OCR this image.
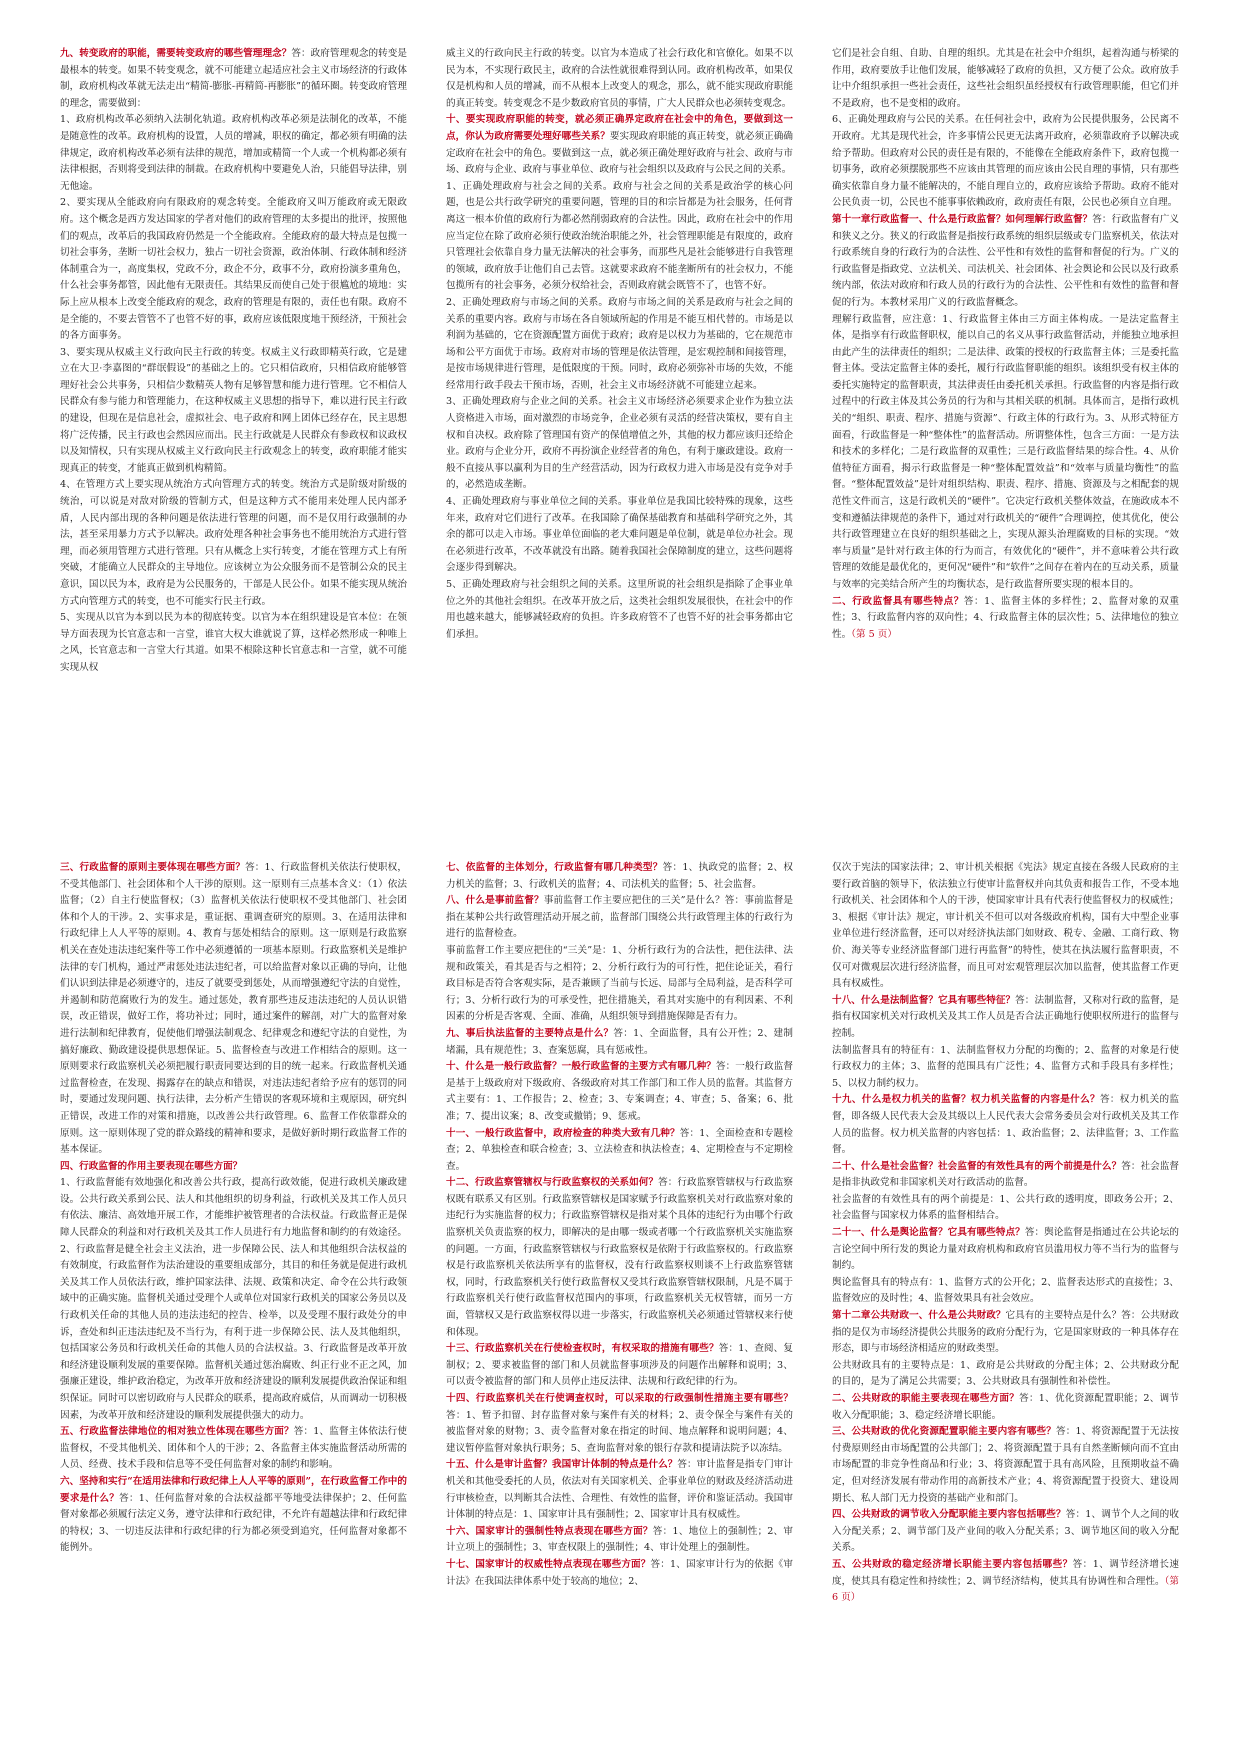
九、转变政府的职能，需要转变政府的哪些管理理念？答：政府管理观念的转变是最根本的转变。如果不转变观念，就不可能建立起适应社会主义市场经济的行政体制，政府机构改革就无法走出“精简-膨胀-再精简-再膨胀”的循环圈。转变政府管理的理念，需要做到：

1、政府机构改革必须纳入法制化轨道。政府机构改革必须是法制化的改革，不能是随意性的改革。政府机构的设置，人员的增减，职权的确定，都必须有明确的法律规定，政府机构改革必须有法律的规范，增加或精简一个人或一个机构都必须有法律根据，否则将受到法律的制裁。在政府机构中要避免人治，只能倡导法律，别无他途。

2、要实现从全能政府向有限政府的观念转变。全能政府又叫万能政府或无限政府。这个概念是西方发达国家的学者对他们的政府管理的太多提出的批评，按照他们的观点，改革后的我国政府仍然是一个全能政府。全能政府的最大特点是包揽一切社会事务，垄断一切社会权力，独占一切社会资源，政治体制、行政体制和经济体制重合为一，高度集权，党政不分，政企不分，政事不分，政府扮演多重角色，什么社会事务都管，因此他有无限责任。其结果反而使自己处于很尴尬的境地：实际上应从根本上改变全能政府的观念，政府的管理是有限的，责任也有限。政府不是全能的，不要去管管不了也管不好的事，政府应该低限度地干预经济，干预社会的各方面事务。

3、要实现从权威主义行政向民主行政的转变。权威主义行政即精英行政，它是建立在大卫·李嘉图的“群氓假设”的基础之上的。它只相信政府，只相信政府能够管理好社会公共事务，只相信少数精英人物有足够智慧和能力进行管理。它不相信人民群众有参与能力和管理能力，在这种权威主义思想的指导下，难以进行民主行政的建设，但现在是信息社会，虚拟社会、电子政府和网上团体已经存在，民主思想将广泛传播，民主行政也会然因应而出。民主行政就是人民群众有参政权和议政权以及知情权，只有实现从权威主义行政向民主行政观念上的转变，政府职能才能实现真正的转变，才能真正做到机构精简。

4、在管理方式上要实现从统治方式向管理方式的转变。统治方式是阶级对阶级的统治，可以说是对敌对阶级的管制方式，但是这种方式不能用来处理人民内部矛盾，人民内部出现的各种问题是依法进行管理的问题，而不是仅用行政强制的办法，甚至采用暴力方式予以解决。政府处理各种社会事务也不能用统治方式进行管理，而必须用管理方式进行管理。只有从概念上实行转变，才能在管理方式上有所突破，才能确立人民群众的主导地位。应该树立为公众服务而不是管制公众的民主意识，国以民为本，政府是为公民服务的，干部是人民公仆。如果不能实现从统治方式向管理方式的转变，也不可能实行民主行政。

5、实现从以官为本到以民为本的彻底转变。以官为本在组织建设是官本位：在领导方面表现为长官意志和一言堂，谁官大权大谁就说了算，这样必然形成一种唯上之风，长官意志和一言堂大行其道。如果不根除这种长官意志和一言堂，就不可能实现从权

威主义的行政向民主行政的转变。以官为本造成了社会行政化和官僚化。如果不以民为本，不实现行政民主，政府的合法性就很难得到认同。政府机构改革，如果仅仅是机构和人员的增减，而不从根本上改变人的观念，那么，就不能实现政府职能的真正转变。转变观念不是少数政府官员的事情，广大人民群众也必须转变观念。

十、要实现政府职能的转变，就必须正确界定政府在社会中的角色，要做到这一点，你认为政府需要处理好哪些关系？要实现政府职能的真正转变，就必须正确确定政府在社会中的角色。要做到这一点，就必须正确处理好政府与社会、政府与市场、政府与企业、政府与事业单位、政府与社会组织以及政府与公民之间的关系。

1、正确处理政府与社会之间的关系。政府与社会之间的关系是政治学的核心问题，也是公共行政学研究的重要问题，管理的目的和宗旨都是为社会服务，任何背离这一根本价值的政府行为都必然削弱政府的合法性。因此，政府在社会中的作用应当定位在除了政府必须行使政治统治职能之外，社会管理职能是有限度的，政府只管理社会依靠自身力量无法解决的社会事务，而那些凡是社会能够进行自我管理的领域，政府放手让他们自己去管。这就要求政府不能垄断所有的社会权力，不能包揽所有的社会事务，必须分权给社会，否则政府就会既管不了，也管不好。

2、正确处理政府与市场之间的关系。政府与市场之间的关系是政府与社会之间的关系的重要内容。政府与市场在各自领域所起的作用是不能互相代替的。市场是以利润为基础的，它在资源配置方面优于政府；政府是以权力为基础的，它在规范市场和公平方面优于市场。政府对市场的管理是依法管理，是宏观控制和间接管理，是按市场规律进行管理，是低限度的干预。同时，政府必须弥补市场的失效，不能经常用行政手段去干预市场，否则，社会主义市场经济就不可能建立起来。

3、正确处理政府与企业之间的关系。社会主义市场经济必须要求企业作为独立法人资格进入市场，面对激烈的市场竞争，企业必须有灵活的经营决策权，要有自主权和自决权。政府除了管理国有资产的保值增值之外，其他的权力都应该归还给企业。政府与企业分开，政府不再扮演企业经营者的角色，有利于廉政建设。政府一般不直接从事以赢利为目的生产经营活动，因为行政权力进入市场是没有竞争对手的，必然造成垄断。

4、正确处理政府与事业单位之间的关系。事业单位是我国比较特殊的现象，这些年来，政府对它们进行了改革。在我国除了确保基础教育和基础科学研究之外，其余的都可以走入市场。事业单位面临的老大难问题是单位制，就是单位办社会。现在必须进行改革，不改革就没有出路。随着我国社会保障制度的建立，这些问题将会逐步得到解决。

5、正确处理政府与社会组织之间的关系。这里所说的社会组织是指除了企事业单位之外的其他社会组织。在改革开放之后，这类社会组织发展很快，在社会中的作用也越来越大，能够减轻政府的负担。许多政府管不了也管不好的社会事务都由它们承担。

它们是社会自组、自助、自理的组织。尤其是在社会中介组织，起着沟通与桥梁的作用，政府要放手让他们发展，能够减轻了政府的负担，又方便了公众。政府放手让中介组织承担一些社会责任，这些社会组织虽经授权有行政管理职能，但它们并不是政府，也不是变相的政府。

6、正确处理政府与公民的关系。在任何社会中，政府为公民提供服务，公民离不开政府。尤其是现代社会，许多事情公民更无法离开政府，必须靠政府予以解决或给予帮助。但政府对公民的责任是有限的，不能像在全能政府条件下，政府包揽一切事务，政府必须摆脱那些不应该由其管理的而应该由公民自理的事情，只有那些确实依靠自身力量不能解决的，不能自理自立的，政府应该给予帮助。政府不能对公民负责一切，公民也不能事事依赖政府，政府责任有限，公民也必须自立自理。

第十一章行政监督一、什么是行政监督？如何理解行政监督？答：行政监督有广义和狭义之分。狭义的行政监督是指按行政系统的组织层级或专门监察机关，依法对行政系统自身的行政行为的合法性、公平性和有效性的监督和督促的行为。广义的行政监督是指政党、立法机关、司法机关、社会团体、社会舆论和公民以及行政系统内部，依法对政府和行政人员的行政行为的合法性、公平性和有效性的监督和督促的行为。本教材采用广义的行政监督概念。

理解行政监督，应注意：1、行政监督主体由三方面主体构成。一是法定监督主体，是指享有行政监督职权，能以自己的名义从事行政监督活动，并能独立地承担由此产生的法律责任的组织；二是法律、政策的授权的行政监督主体；三是委托监督主体。受法定监督主体的委托，履行行政监督职能的组织。该组织受有权主体的委托实施特定的监督职责，其法律责任由委托机关承担。行政监督的内容是指行政过程中的行政主体及其公务员的行为和与其相关联的机制。具体而言，是指行政机关的“组织、职责、程序、措施与资源”、行政主体的行政行为。3、从形式特征方面看，行政监督是一种“整体性”的监督活动。所谓整体性，包含三方面：一是方法和技术的多样化；二是行政监督的双重性；三是行政监督结果的综合性。4、从价值特征方面看，揭示行政监督是一种“整体配置效益”和“效率与质量均衡性”的监督。“整体配置效益”是针对组织结构、职责、程序、措施、资源及与之相配套的规范性文件而言，这是行政机关的“硬件”。它决定行政机关整体效益，在施政成本不变和遵循法律规范的条件下，通过对行政机关的“硬件”合理调控，使其优化，使公共行政管理建立在良好的组织基础之上，实现从源头治理腐败的目标的实现。“效率与质量”是针对行政主体的行为而言，有效优化的“硬件”，并不意味着公共行政管理的效能是最优化的，更何况“硬件”和“软件”之间存在着内在的互动关系，质量与效率的完美结合所产生的均衡状态，是行政监督所要实现的根本目的。

二、行政监督具有哪些特点？答：1、监督主体的多样性；2、监督对象的双重性；3、行政监督内容的双向性；4、行政监督主体的层次性；5、法律地位的独立性。（第 5 页）

三、行政监督的原则主要体现在哪些方面？答：1、行政监督机关依法行使职权，不受其他部门、社会团体和个人干涉的原则。这一原则有三点基本含义：（1）依法监督；（2）自主行使监督权；（3）监督机关依法行使职权不受其他部门、社会团体和个人的干涉。2、实事求是，重证据、重调查研究的原则。3、在适用法律和行政纪律上人人平等的原则。4、教育与惩处相结合的原则。这一原则是行政监察机关在查处违法违纪案件等工作中必须遵循的一项基本原则。行政监察机关是维护法律的专门机构，通过严肃惩处违法违纪者，可以给监督对象以正确的导向，让他们认识到法律是必须遵守的，违反了就要受到惩处，从而增强遵纪守法的自觉性，并遏制和防范腐败行为的发生。通过惩处，教育那些违反违法违纪的人员认识错误，改正错误，做好工作，将功补过；同时，通过案件的解剖，对广大的监督对象进行法制和纪律教育，促使他们增强法制观念、纪律观念和遵纪守法的自觉性，为搞好廉政、勤政建设提供思想保证。5、监督检查与改进工作相结合的原则。这一原则要求行政监察机关必须把履行职责同要达到的目的统一起来。行政监督机关通过监督检查，在发现、揭露存在的缺点和错误，对违法违纪者给予应有的惩罚的同时，要通过发现问题、执行法律，去分析产生错误的客观环境和主观原因，研究纠正错误，改进工作的对策和措施，以改善公共行政管理。6、监督工作依靠群众的原则。这一原则体现了党的群众路线的精神和要求，是做好新时期行政监督工作的基本保证。

四、行政监督的作用主要表现在哪些方面？

1、行政监督能有效地强化和改善公共行政，提高行政效能，促进行政机关廉政建设。公共行政关系到公民、法人和其他组织的切身利益，行政机关及其工作人员只有依法、廉洁、高效地开展工作，才能维护被管理者的合法权益。行政监督正是保障人民群众的利益和对行政机关及其工作人员进行有力地监督和制约的有效途径。2、行政监督是健全社会主义法治，进一步保障公民、法人和其他组织合法权益的有效制度，行政监督作为法治建设的重要组成部分，其目的和任务就是促进行政机关及其工作人员依法行政，维护国家法律、法规、政策和决定、命令在公共行政领域中的正确实施。监督机关通过受理个人或单位对国家行政机关的国家公务员以及行政机关任命的其他人员的违法违纪的控告、检举，以及受理不服行政处分的申诉，查处和纠正违法违纪及不当行为，有利于进一步保障公民、法人及其他组织，包括国家公务员和行政机关任命的其他人员的合法权益。3、行政监督是改革开放和经济建设顺利发展的重要保障。监督机关通过惩治腐败、纠正行业不正之风，加强廉正建设，维护政治稳定，为改革开放和经济建设的顺利发展提供政治保证和组织保证。同时可以密切政府与人民群众的联系，提高政府威信，从而调动一切积极因素，为改革开放和经济建设的顺利发展提供强大的动力。

五、行政监督法律地位的相对独立性体现在哪些方面？答：1、监督主体依法行使监督权，不受其他机关、团体和个人的干涉；2、各监督主体实施监督活动所需的人员、经费、技术手段和信息等不受任何监督对象的制约和影响。

六、坚持和实行“在适用法律和行政纪律上人人平等的原则”，在行政监督工作中的要求是什么？答：1、任何监督对象的合法权益都平等地受法律保护；2、任何监督对象都必须履行法定义务，遵守法律和行政纪律，不允许有超越法律和行政纪律的特权；3、一切违反法律和行政纪律的行为都必须受到追究，任何监督对象都不能例外。

七、依监督的主体划分，行政监督有哪几种类型？答：1、执政党的监督；2、权力机关的监督；3、行政机关的监督；4、司法机关的监督；5、社会监督。

八、什么是事前监督？事前监督工作主要应把住的三关”是什么？答：事前监督是指在某种公共行政管理活动开展之前，监督部门围绕公共行政管理主体的行政行为进行的监督检查。

事前监督工作主要应把住的“三关”是：1、分析行政行为的合法性，把住法律、法规和政策关，看其是否与之相符；2、分析行政行为的可行性，把住论证关，看行政目标是否符合客观实际，是否兼顾了当前与长远、局部与全局利益，是否科学可行；3、分析行政行为的可承受性，把住措施关，看其对实施中的有利因素、不利因素的分析是否客观、全面、准确，从组织领导到措施保障是否有力。

九、事后执法监督的主要特点是什么？答：1、全面监督，具有公开性；2、建制堵漏，具有规范性；3、查案惩腐，具有惩戒性。

十、什么是一般行政监督？一般行政监督的主要方式有哪几种？答：一般行政监督是基于上级政府对下级政府、各级政府对其工作部门和工作人员的监督。其监督方式主要有：1、工作报告；2、检查；3、专案调查；4、审查；5、备案；6、批准；7、提出议案；8、改变或撤销；9、惩戒。

十一、一般行政监督中，政府检查的种类大致有几种？答：1、全面检查和专题检查；2、单独检查和联合检查；3、立法检查和执法检查；4、定期检查与不定期检查。

十二、行政监察管辖权与行政监察权的关系如何？答：行政监察管辖权与行政监察权既有联系又有区别。行政监察管辖权是国家赋予行政监察机关对行政监察对象的违纪行为实施监督的权力；行政监察管辖权是指对某个具体的违纪行为由哪个行政监察机关负责监察的权力，即解决的是由哪一级或者哪一个行政监察机关实施监察的问题。一方面，行政监察管辖权与行政监察权是依附于行政监察权的。行政监察权是行政监察机关依法所享有的监督权，没有行政监察权则谈不上行政监察管辖权，同时，行政监察机关行使行政监督权又受其行政监察管辖权限制，凡是不属于行政监察机关行使行政监督权范围内的事项，行政监察机关无权管辖，而另一方面，管辖权又是行政监察权得以进一步落实，行政监察机关必须通过管辖权来行使和体现。

十三、行政监察机关在行使检查权时，有权采取的措施有哪些？答：1、查阅、复制权；2、要求被监督的部门和人员就监督事项涉及的问题作出解释和说明；3、可以责令被监督的部门和人员停止违反法律、法规和行政纪律的行为。

十四、行政监察机关在行使调查权时，可以采取的行政强制性措施主要有哪些？答：1、暂予扣留、封存监督对象与案件有关的材料；2、责令保全与案件有关的被监督对象的财物；3、责令监督对象在指定的时间、地点解释和说明问题；4、建议暂停监督对象执行职务；5、查询监督对象的银行存款和提请法院予以冻结。

十五、什么是审计监督？我国审计体制的特点是什么？答：审计监督是指专门审计机关和其他受委托的人员，依法对有关国家机关、企事业单位的财政及经济活动进行审核检查，以判断其合法性、合理性、有效性的监督，评价和鉴证活动。我国审计体制的特点是：1、国家审计具有强制性；2、国家审计具有权威性。

十六、国家审计的强制性特点表现在哪些方面？答：1、地位上的强制性；2、审计立项上的强制性；3、审查权限上的强制性；4、审计处理上的强制性。

十七、国家审计的权威性特点表现在哪些方面？答：1、国家审计行为的依据《审计法》在我国法律体系中处于较高的地位；2、

仅次于宪法的国家法律；2、审计机关根据《宪法》规定直接在各级人民政府的主要行政首脑的领导下，依法独立行使审计监督权并向其负责和报告工作，不受本地行政机关、社会团体和个人的干涉，使国家审计具有代表行使监督权力的权威性；3、根据《审计法》规定，审计机关不但可以对各级政府机构，国有大中型企业事业单位进行经济监督，还可以对经济执法部门如财政、税专、金融、工商行政、物价、海关等专业经济监督部门进行再监督”的特性，使其在执法履行监督职责，不仅可对微观层次进行经济监督，而且可对宏观管理层次加以监督，使其监督工作更具有权威性。

十八、什么是法制监督？它具有哪些特征？答：法制监督，又称对行政的监督，是指有权国家机关对行政机关及其工作人员是否合法正确地行使职权所进行的监督与控制。

法制监督具有的特征有：1、法制监督权力分配的均衡的；2、监督的对象是行使行政权力的主体；3、监督的范围具有广泛性；4、监督方式和手段具有多样性；5、以权力制约权力。

十九、什么是权力机关的监督？权力机关监督的内容是什么？答：权力机关的监督，即各级人民代表大会及其级以上人民代表大会常务委员会对行政机关及其工作人员的监督。权力机关监督的内容包括：1、政治监督；2、法律监督；3、工作监督。

二十、什么是社会监督？社会监督的有效性具有的两个前提是什么？答：社会监督是指非执政党和非国家机关对行政活动的监督。

社会监督的有效性具有的两个前提是：1、公共行政的透明度，即政务公开；2、社会监督与国家权力体系的监督相结合。

二十一、什么是舆论监督？它具有哪些特点？答：舆论监督是指通过在公共论坛的言论空间中所行发的舆论力量对政府机构和政府官员滥用权力等不当行为的监督与制约。

舆论监督具有的特点有：1、监督方式的公开化；2、监督表达形式的直接性；3、监督效应的及时性；4、监督效果具有社会效应。

第十二章公共财政一、什么是公共财政？它具有的主要特点是什么？答：公共财政指的是仅为市场经济提供公共服务的政府分配行为，它是国家财政的一种具体存在形态，即与市场经济相适应的财政类型。

公共财政具有的主要特点是：1、政府是公共财政的分配主体；2、公共财政分配的目的，是为了满足公共需要；3、公共财政具有强制性和补偿性。

二、公共财政的职能主要表现在哪些方面？答：1、优化资源配置职能；2、调节收入分配职能；3、稳定经济增长职能。

三、公共财政的优化资源配置职能主要内容有哪些？答：1、将资源配置于无法按付费原则经由市场配置的公共部门；2、将资源配置于具有自然垄断倾向而不宜由市场配置的非竞争性商品和行业；3、将资源配置于具有高风险，且预期收益不确定，但对经济发展有带动作用的高新技术产业；4、将资源配置于投资大、建设周期长、私人部门无力投资的基础产业和部门。

四、公共财政的调节收入分配职能主要内容包括哪些？答：1、调节个人之间的收入分配关系；2、调节部门及产业间的收入分配关系；3、调节地区间的收入分配关系。

五、公共财政的稳定经济增长职能主要内容包括哪些？答：1、调节经济增长速度，使其具有稳定性和持续性；2、调节经济结构，使其具有协调性和合理性。（第 6 页）
